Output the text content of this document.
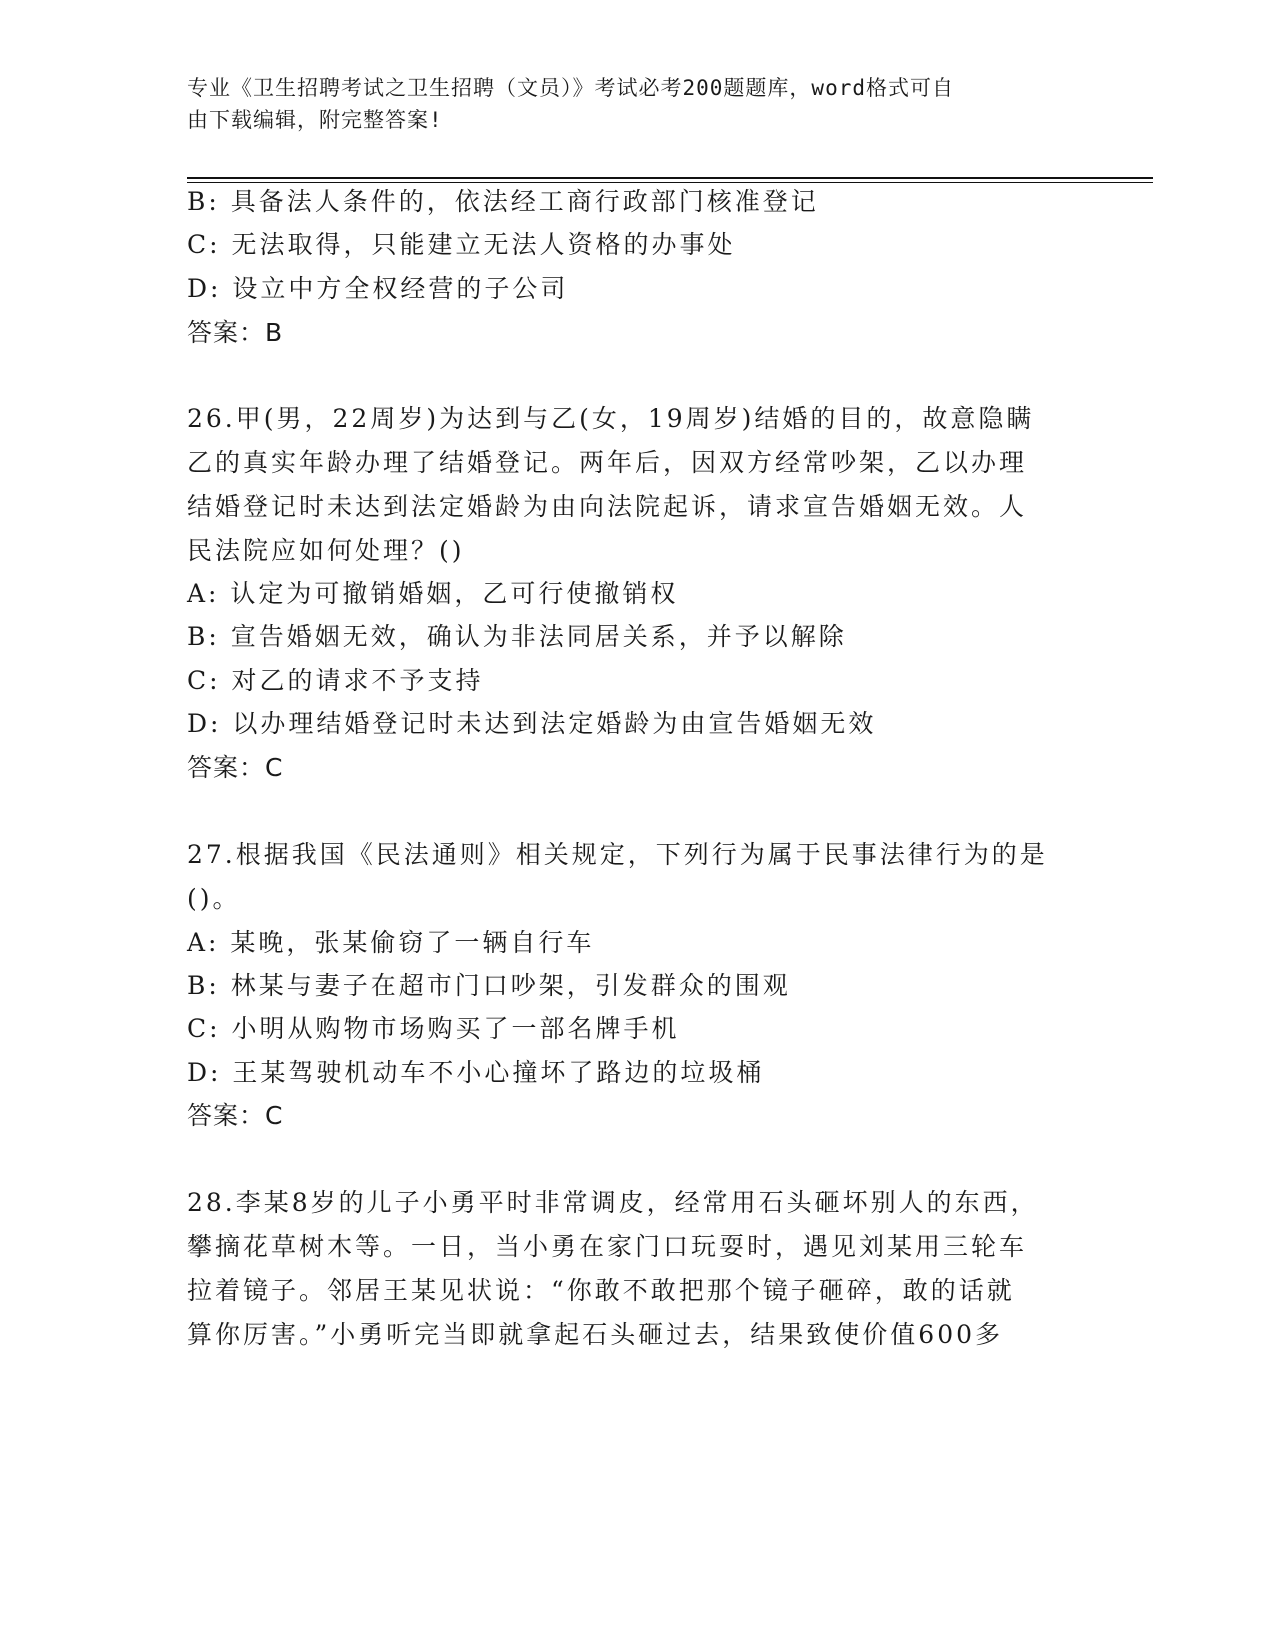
专业《卫生招聘考试之卫生招聘（文员）》考试必考200题题库，word格式可自
由下载编辑，附完整答案!
B: 具备法人条件的，依法经工商行政部门核准登记
C: 无法取得，只能建立无法人资格的办事处
D: 设立中方全权经营的子公司
答案：B
26.甲(男，22周岁)为达到与乙(女，19周岁)结婚的目的，故意隐瞒
乙的真实年龄办理了结婚登记。两年后，因双方经常吵架，乙以办理
结婚登记时未达到法定婚龄为由向法院起诉，请求宣告婚姻无效。人
民法院应如何处理？()
A: 认定为可撤销婚姻，乙可行使撤销权
B: 宣告婚姻无效，确认为非法同居关系，并予以解除
C: 对乙的请求不予支持
D: 以办理结婚登记时未达到法定婚龄为由宣告婚姻无效
答案：C
27.根据我国《民法通则》相关规定，下列行为属于民事法律行为的是
()。
A: 某晚，张某偷窃了一辆自行车
B: 林某与妻子在超市门口吵架，引发群众的围观
C: 小明从购物市场购买了一部名牌手机
D: 王某驾驶机动车不小心撞坏了路边的垃圾桶
答案：C
28.李某8岁的儿子小勇平时非常调皮，经常用石头砸坏别人的东西，
攀摘花草树木等。一日，当小勇在家门口玩耍时，遇见刘某用三轮车
拉着镜子。邻居王某见状说：“你敢不敢把那个镜子砸碎，敢的话就
算你厉害。”小勇听完当即就拿起石头砸过去，结果致使价值600多
